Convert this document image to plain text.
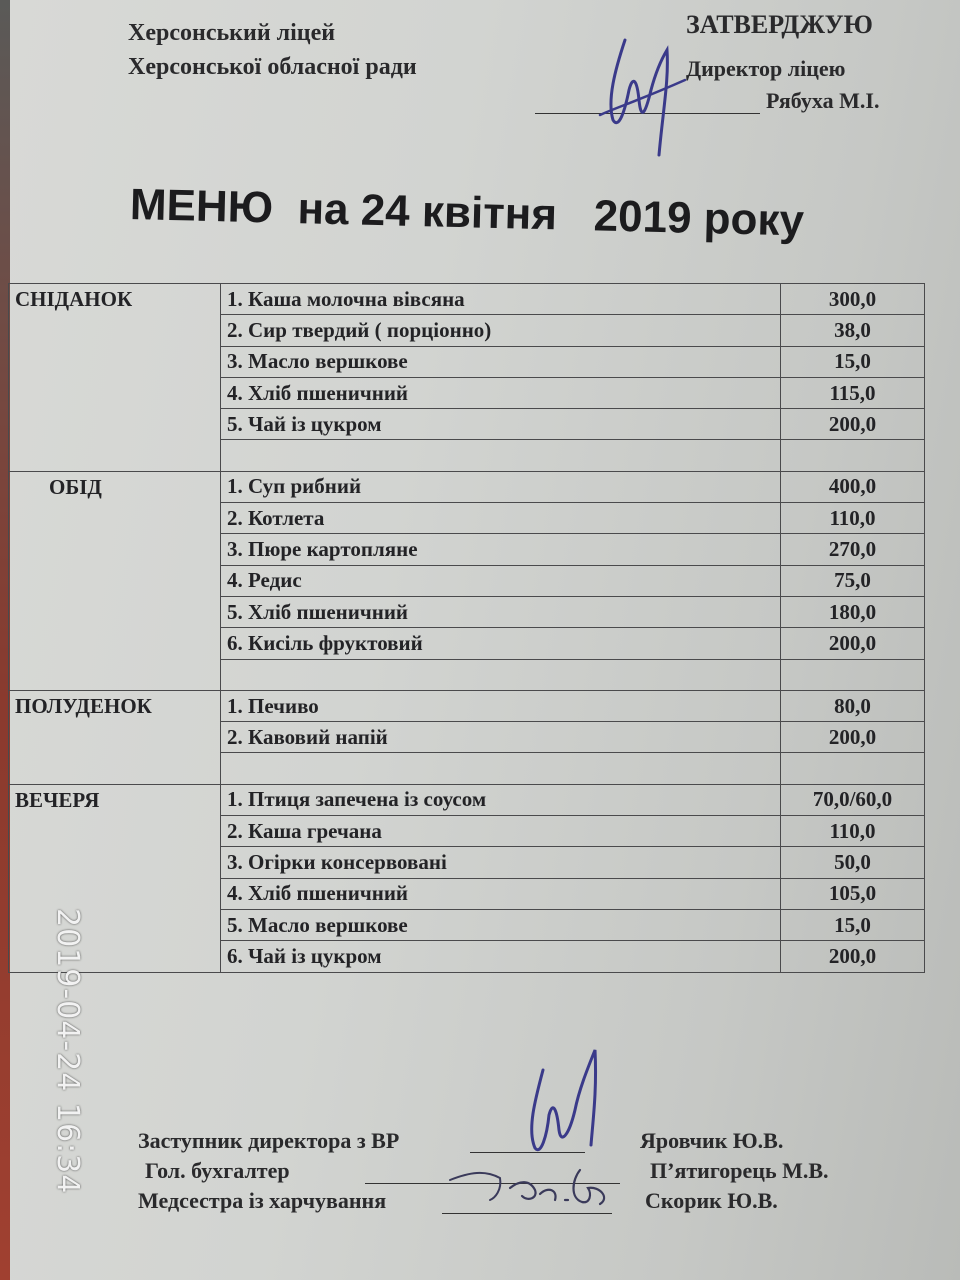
Херсонський ліцей
Херсонської обласної ради
ЗАТВЕРДЖУЮ
Директор ліцею
Рябуха М.І.
МЕНЮ  на 24 квітня   2019 року
СНІДАНОК	1. Каша молочна вівсяна	300,0
	2. Сир твердий ( порціонно)	38,0
	3. Масло вершкове	15,0
	4. Хліб пшеничний	115,0
	5. Чай із цукром	200,0

ОБІД	1. Суп рибний	400,0
	2. Котлета	110,0
	3. Пюре картопляне	270,0
	4. Редис	75,0
	5. Хліб пшеничний	180,0
	6. Кисіль фруктовий	200,0

ПОЛУДЕНОК	1. Печиво	80,0
	2. Кавовий напій	200,0

ВЕЧЕРЯ	1. Птиця запечена із соусом	70,0/60,0
	2. Каша гречана	110,0
	3. Огірки консервовані	50,0
	4. Хліб пшеничний	105,0
	5. Масло вершкове	15,0
	6. Чай із цукром	200,0
Заступник директора з ВР	Яровчик Ю.В.
Гол. бухгалтер	П’ятигорець М.В.
Медсестра із харчування	Скорик Ю.В.
2019-04-24 16:34
